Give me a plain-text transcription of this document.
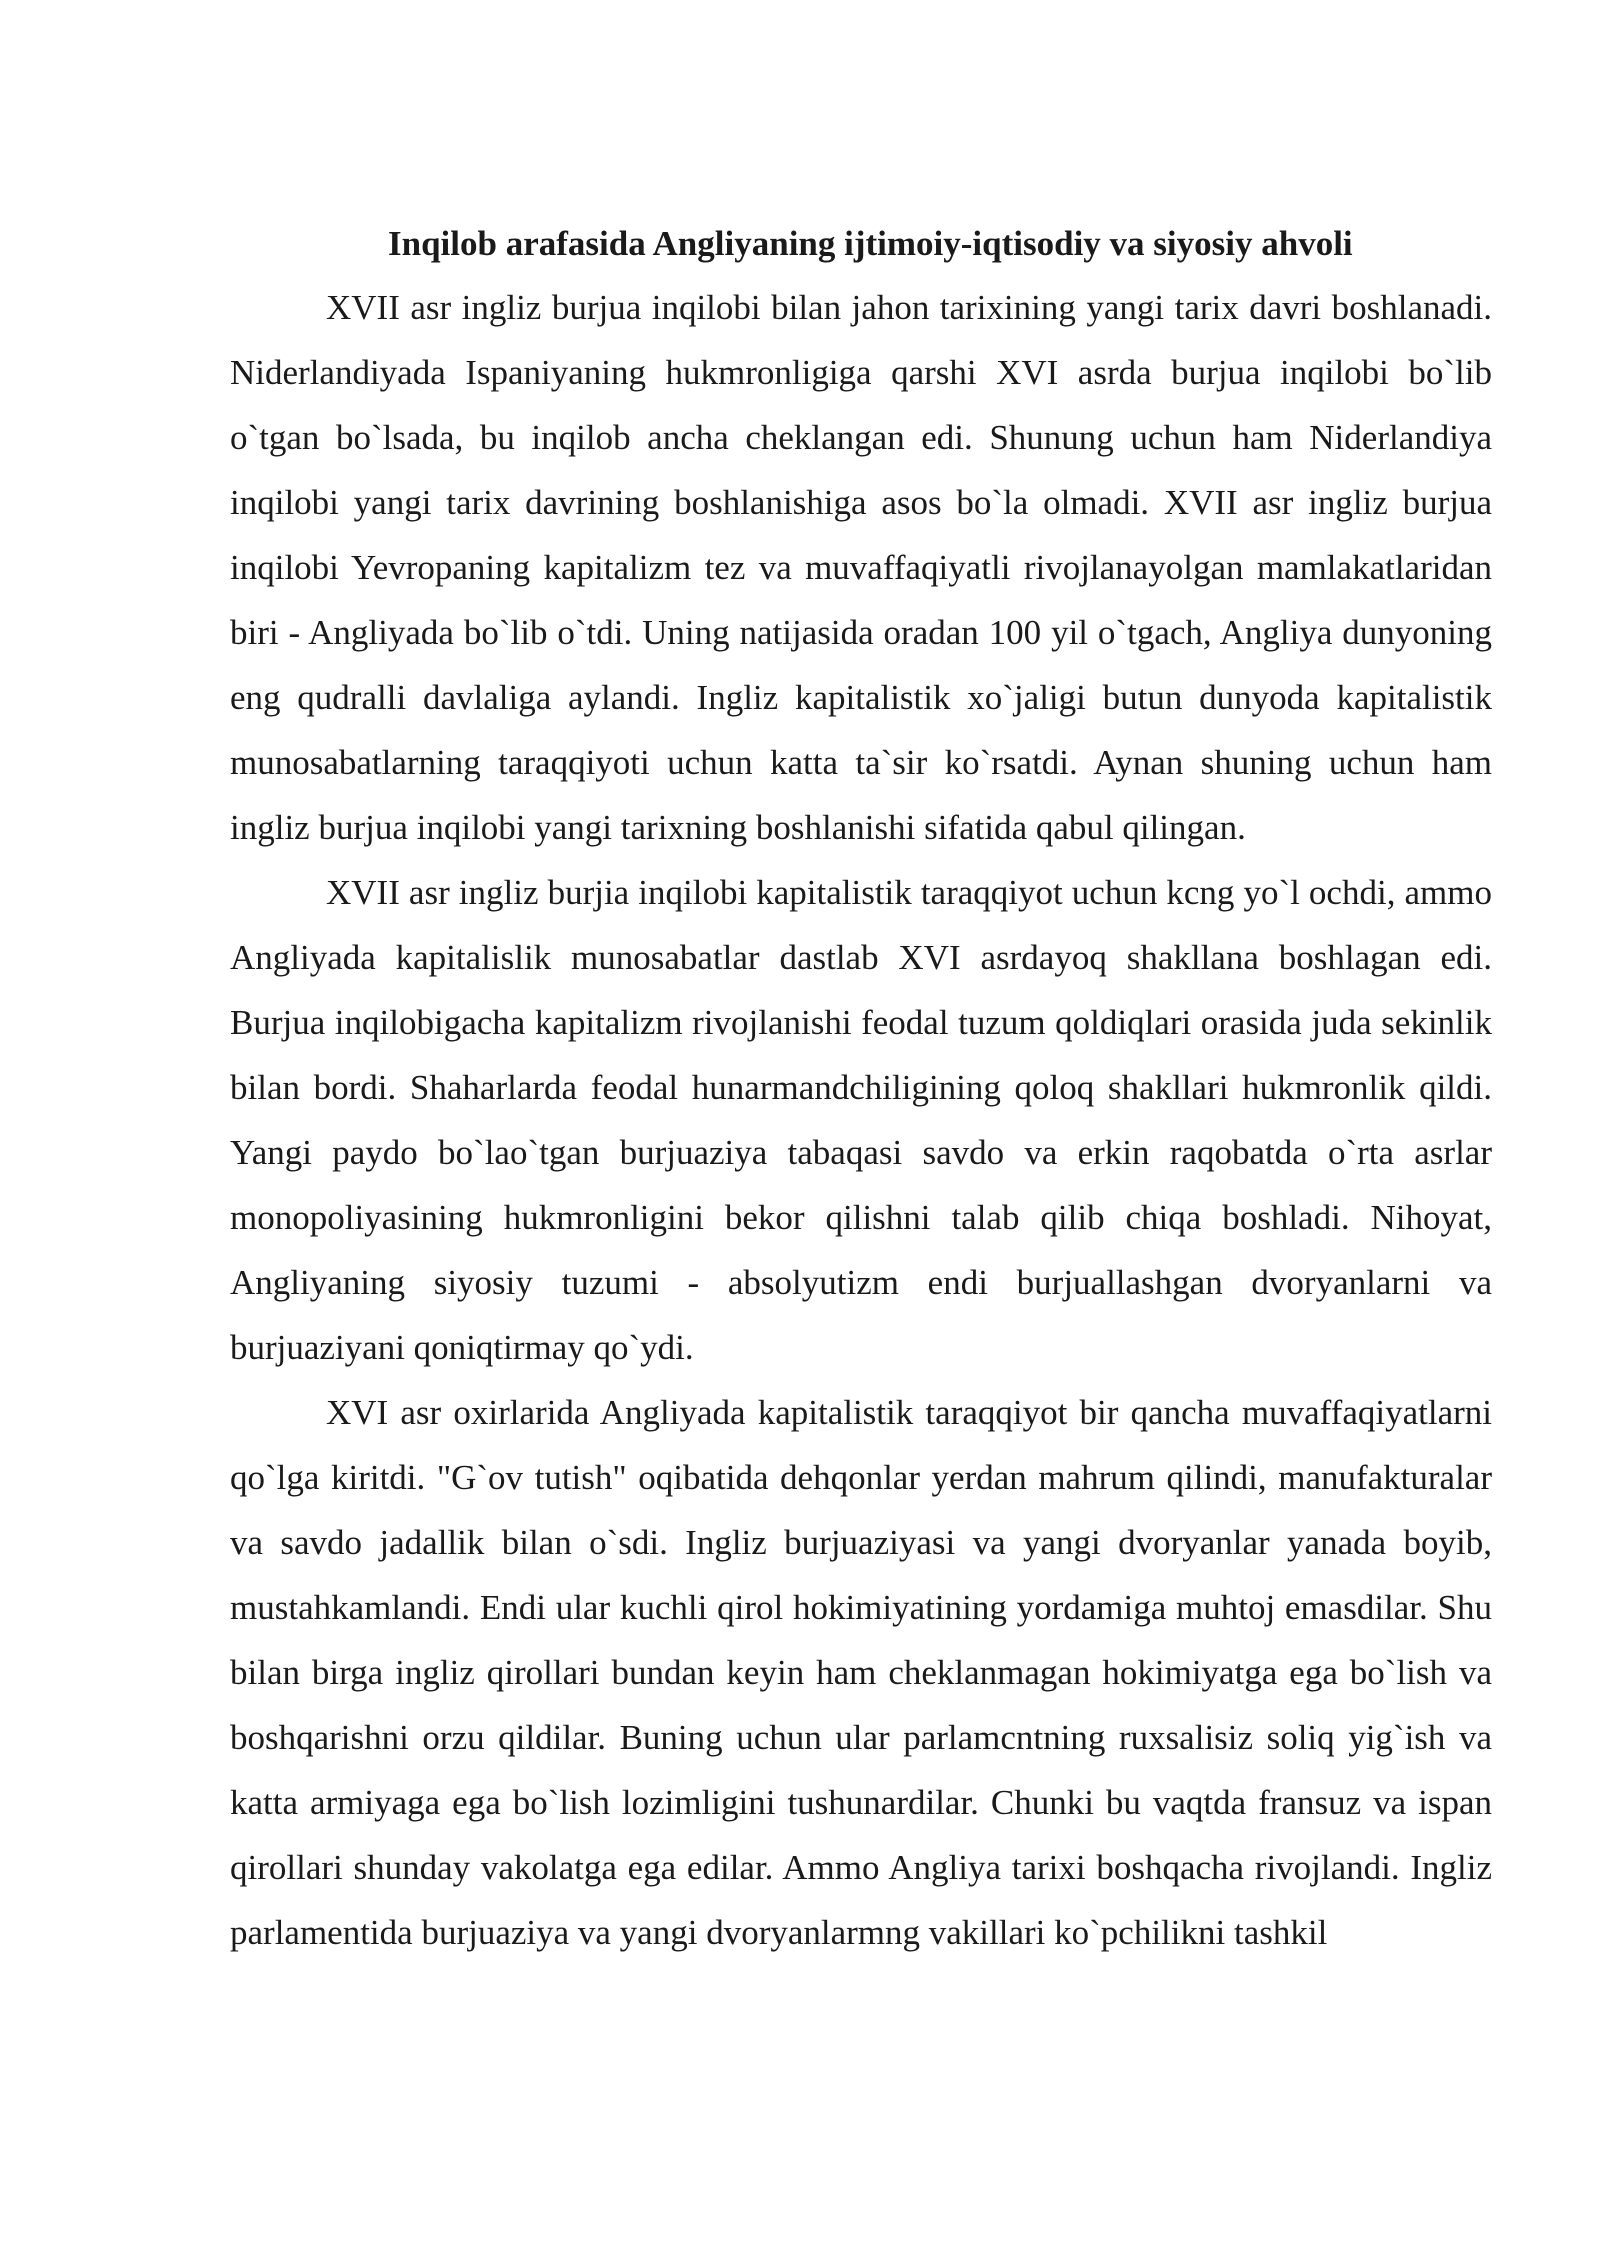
Inqilob arafasida Angliyaning ijtimoiy-iqtisodiy va siyosiy ahvoli

XVII asr ingliz burjua inqilobi bilan jahon tarixining yangi tarix davri boshlanadi. Niderlandiyada Ispaniyaning hukmronligiga qarshi XVI asrda burjua inqilobi bo`lib o`tgan bo`lsada, bu inqilob ancha cheklangan edi. Shunung uchun ham Niderlandiya inqilobi yangi tarix davrining boshlanishiga asos bo`la olmadi. XVII asr ingliz burjua inqilobi Yevropaning kapitalizm tez va muvaffaqiyatli rivojlanayolgan mamlakatlaridan biri - Angliyada bo`lib o`tdi. Uning natijasida oradan 100 yil o`tgach, Angliya dunyoning eng qudralli davlaliga aylandi. Ingliz kapitalistik xo`jaligi butun dunyoda kapitalistik munosabatlarning taraqqiyoti uchun katta ta`sir ko`rsatdi. Aynan shuning uchun ham ingliz burjua inqilobi yangi tarixning boshlanishi sifatida qabul qilingan.

XVII asr ingliz burjia inqilobi kapitalistik taraqqiyot uchun kcng yo`l ochdi, ammo Angliyada kapitalislik munosabatlar dastlab XVI asrdayoq shakllana boshlagan edi. Burjua inqilobigacha kapitalizm rivojlanishi feodal tuzum qoldiqlari orasida juda sekinlik bilan bordi. Shaharlarda feodal hunarmandchiligining qoloq shakllari hukmronlik qildi. Yangi paydo bo`lao`tgan burjuaziya tabaqasi savdo va erkin raqobatda o`rta asrlar monopoliyasining hukmronligini bekor qilishni talab qilib chiqa boshladi. Nihoyat, Angliyaning siyosiy tuzumi - absolyutizm endi burjuallashgan dvoryanlarni va burjuaziyani qoniqtirmay qo`ydi.

XVI asr oxirlarida Angliyada kapitalistik taraqqiyot bir qancha muvaffaqiyatlarni qo`lga kiritdi. "G`ov tutish" oqibatida dehqonlar yerdan mahrum qilindi, manufakturalar va savdo jadallik bilan o`sdi. Ingliz burjuaziyasi va yangi dvoryanlar yanada boyib, mustahkamlandi. Endi ular kuchli qirol hokimiyatining yordamiga muhtoj emasdilar. Shu bilan birga ingliz qirollari bundan keyin ham cheklanmagan hokimiyatga ega bo`lish va boshqarishni orzu qildilar. Buning uchun ular parlamcntning ruxsalisiz soliq yig`ish va katta armiyaga ega bo`lish lozimligini tushunardilar. Chunki bu vaqtda fransuz va ispan qirollari shunday vakolatga ega edilar. Ammo Angliya tarixi boshqacha rivojlandi. Ingliz parlamentida burjuaziya va yangi dvoryanlarmng vakillari ko`pchilikni tashkil
